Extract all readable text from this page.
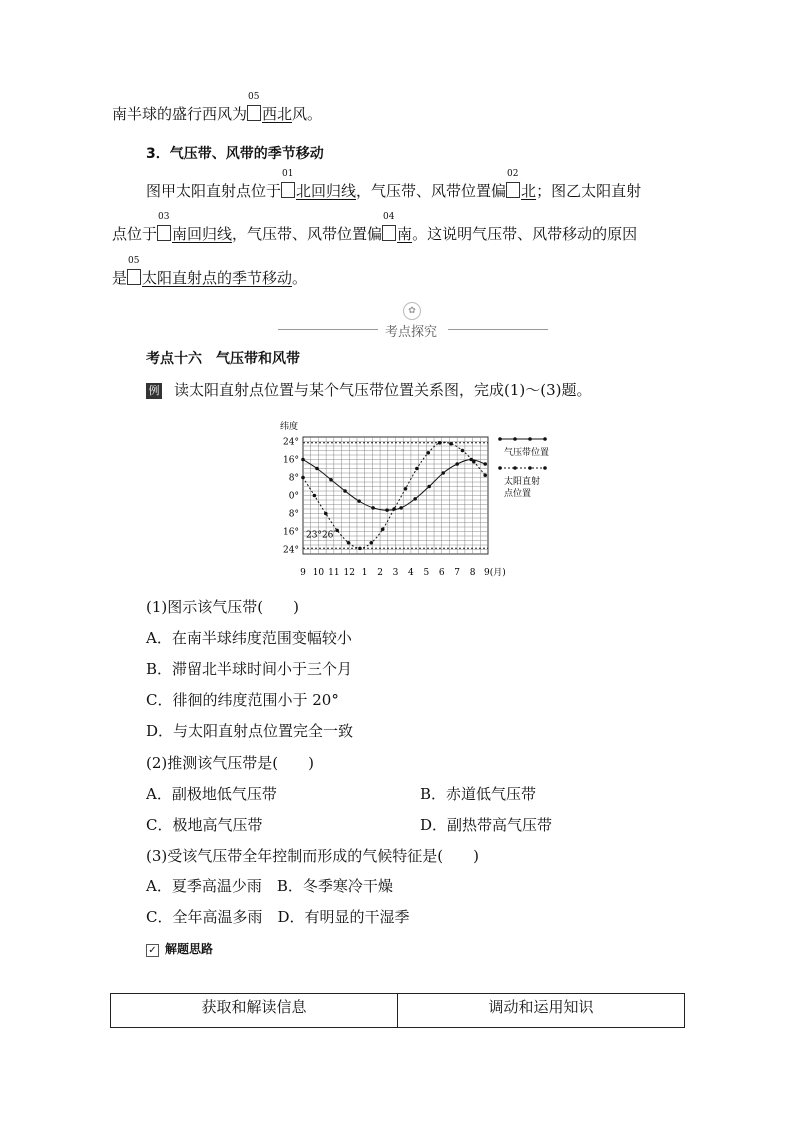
南半球的盛行西风为
05
西北风。
3．气压带、风带的季节移动
图甲太阳直射点位于
01
北回归线，气压带、风带位置偏
02
北；图乙太阳直射
点位于
03
南回归线，气压带、风带位置偏
04
南。这说明气压带、风带移动的原因
是
05
太阳直射点的季节移动。
✿
考点探究
考点十六　气压带和风带
例 读太阳直射点位置与某个气压带位置关系图，完成(1)～(3)题。
24°
16°
8°
0°
8°
16°
24°
纬度
9 10 11 12 1 2 3 4 5 6 7 8 9(月)
23°26′
气压带位置
太阳直射
点位置
(1)图示该气压带(　　)
A．在南半球纬度范围变幅较小
B．滞留北半球时间小于三个月
C．徘徊的纬度范围小于 20°
D．与太阳直射点位置完全一致
(2)推测该气压带是(　　)
A．副极地低气压带	B．赤道低气压带
C．极地高气压带	D．副热带高气压带
(3)受该气压带全年控制而形成的气候特征是(　　)
A．夏季高温少雨　B．冬季寒冷干燥
C．全年高温多雨　D．有明显的干湿季
✓ 解题思路
获取和解读信息	调动和运用知识
